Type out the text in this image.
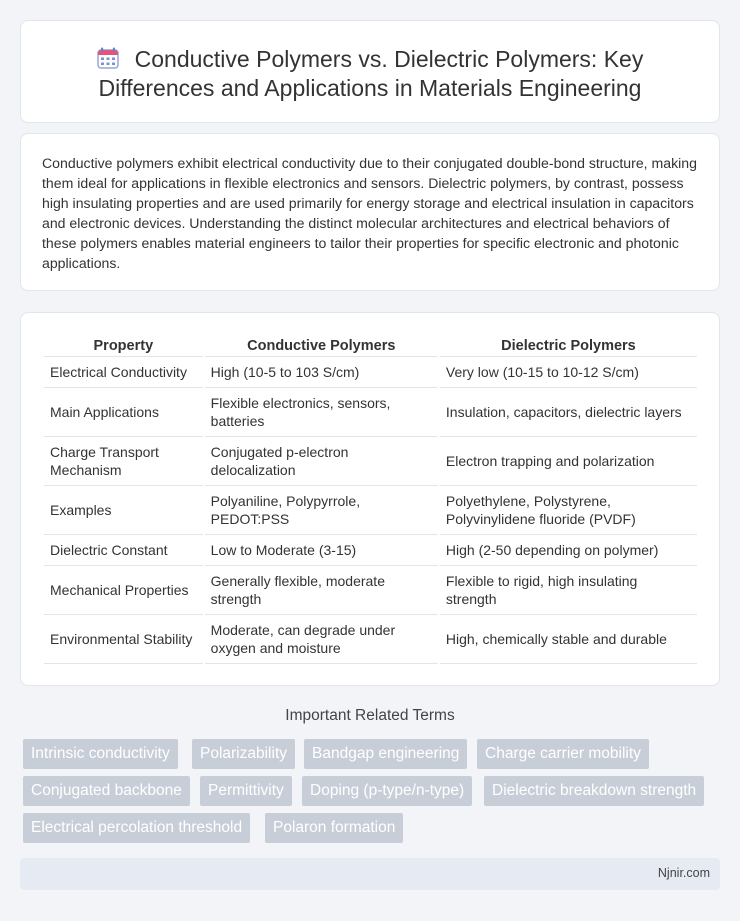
Conductive Polymers vs. Dielectric Polymers: Key Differences and Applications in Materials Engineering

Conductive polymers exhibit electrical conductivity due to their conjugated double-bond structure, making them ideal for applications in flexible electronics and sensors. Dielectric polymers, by contrast, possess high insulating properties and are used primarily for energy storage and electrical insulation in capacitors and electronic devices. Understanding the distinct molecular architectures and electrical behaviors of these polymers enables material engineers to tailor their properties for specific electronic and photonic applications.

Property	Conductive Polymers	Dielectric Polymers
Electrical Conductivity	High (10-5 to 103 S/cm)	Very low (10-15 to 10-12 S/cm)
Main Applications	Flexible electronics, sensors, batteries	Insulation, capacitors, dielectric layers
Charge Transport Mechanism	Conjugated p-electron delocalization	Electron trapping and polarization
Examples	Polyaniline, Polypyrrole, PEDOT:PSS	Polyethylene, Polystyrene, Polyvinylidene fluoride (PVDF)
Dielectric Constant	Low to Moderate (3-15)	High (2-50 depending on polymer)
Mechanical Properties	Generally flexible, moderate strength	Flexible to rigid, high insulating strength
Environmental Stability	Moderate, can degrade under oxygen and moisture	High, chemically stable and durable
Important Related Terms
Intrinsic conductivity	Polarizability	Bandgap engineering	Charge carrier mobility
Conjugated backbone	Permittivity	Doping (p-type/n-type)	Dielectric breakdown strength
Electrical percolation threshold	Polaron formation
Njnir.com
